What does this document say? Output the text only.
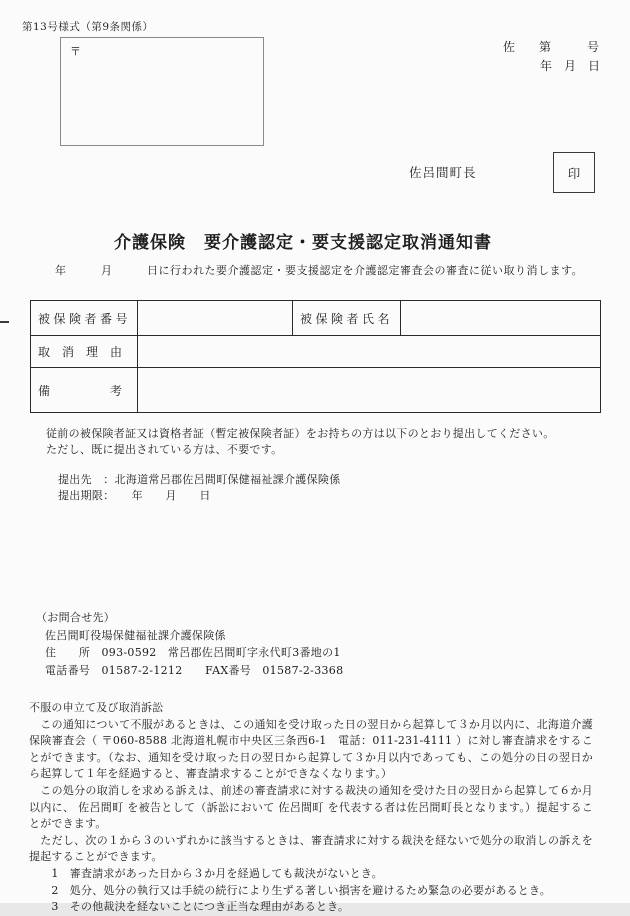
第13号様式（第9条関係）
〒	佐　　第　　　号
年　月　日
佐呂間町長	印
介護保険　要介護認定・要支援認定取消通知書
年　　　月　　　日に行われた要介護認定・要支援認定を介護認定審査会の審査に従い取り消します。
被保険者番号		被保険者氏名	
取　消　理　由			
備　　　　　考			
従前の被保険者証又は資格者証（暫定被保険者証）をお持ちの方は以下のとおり提出してください。
ただし、既に提出されている方は、不要です。
提出先　：北海道常呂郡佐呂間町保健福祉課介護保険係
提出期限：　　年　　月　　日
（お問合せ先）
佐呂間町役場保健福祉課介護保険係
住　　所　093-0592　常呂郡佐呂間町字永代町3番地の1
電話番号　01587-2-1212　　FAX番号　01587-2-3368
不服の申立て及び取消訴訟

　この通知について不服があるときは、この通知を受け取った日の翌日から起算して３か月以内に、北海道介護保険審査会（ 〒060-8588 北海道札幌市中央区三条西6-1　電話：011-231-4111 ）に対し審査請求をすることができます。（なお、通知を受け取った日の翌日から起算して３か月以内であっても、この処分の日の翌日から起算して１年を経過すると、審査請求することができなくなります。）

　この処分の取消しを求める訴えは、前述の審査請求に対する裁決の通知を受けた日の翌日から起算して６か月以内に、 佐呂間町 を被告として（訴訟において 佐呂間町 を代表する者は佐呂間町長となります。）提起することができます。

　ただし、次の１から３のいずれかに該当するときは、審査請求に対する裁決を経ないで処分の取消しの訴えを提起することができます。

　　1　審査請求があった日から３か月を経過しても裁決がないとき。

　　2　処分、処分の執行又は手続の続行により生ずる著しい損害を避けるため緊急の必要があるとき。

　　3　その他裁決を経ないことにつき正当な理由があるとき。
